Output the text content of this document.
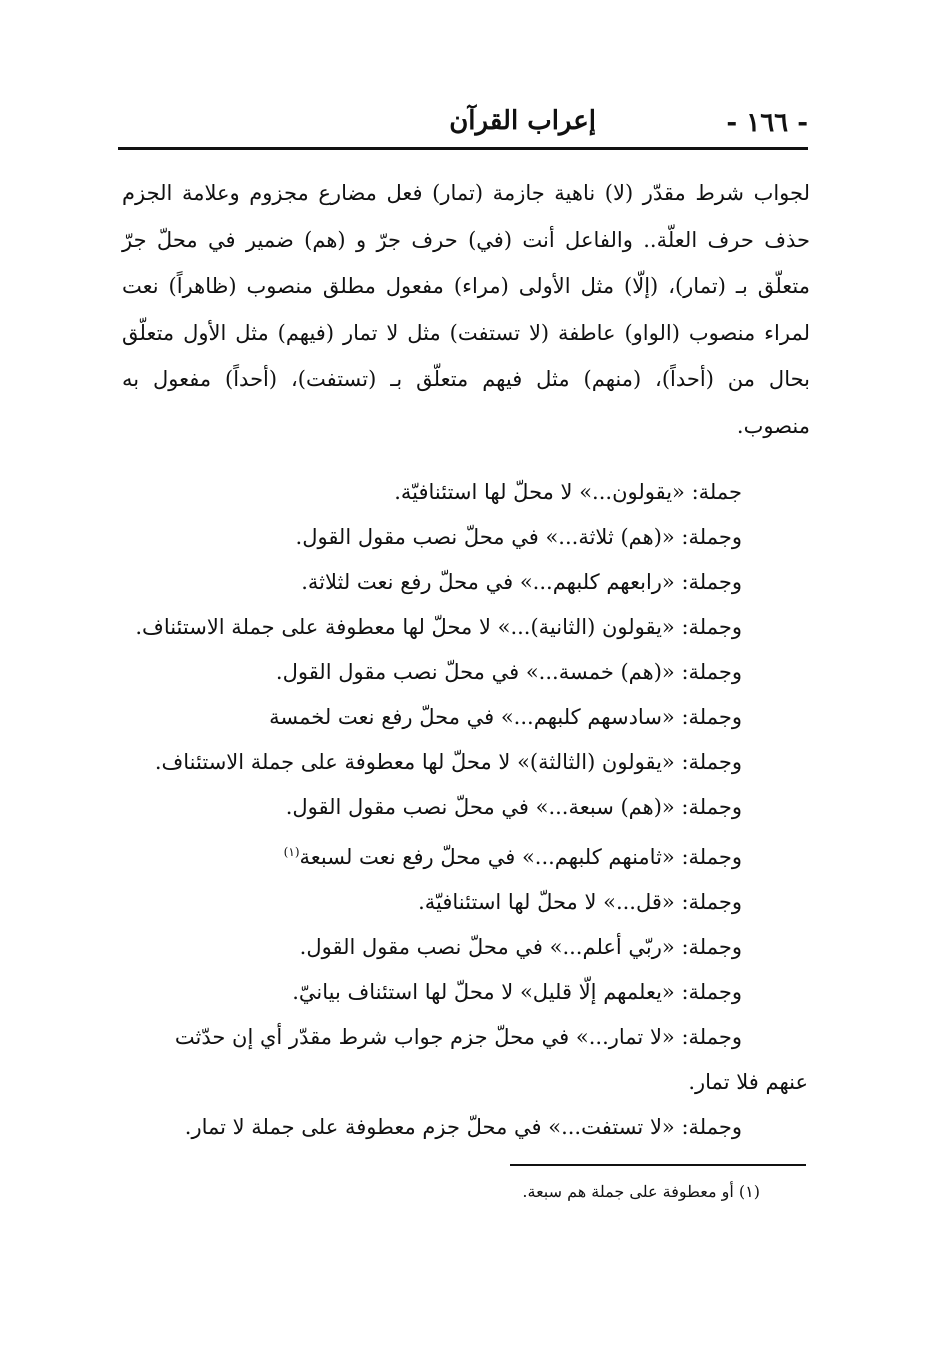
- ١٦٦ -
إعراب القرآن

لجواب شرط مقدّر (لا) ناهية جازمة (تمار) فعل مضارع مجزوم وعلامة الجزم حذف حرف العلّة.. والفاعل أنت (في) حرف جرّ و (هم) ضمير في محلّ جرّ متعلّق بـ (تمار)، (إلّا) مثل الأولى (مراء) مفعول مطلق منصوب (ظاهراً) نعت لمراء منصوب (الواو) عاطفة (لا تستفت) مثل لا تمار (فيهم) مثل الأول متعلّق بحال من (أحداً)، (منهم) مثل فيهم متعلّق بـ (تستفت)، (أحداً) مفعول به منصوب.

جملة: «يقولون...» لا محلّ لها استئنافيّة.
وجملة: «(هم) ثلاثة...» في محلّ نصب مقول القول.
وجملة: «رابعهم كلبهم...» في محلّ رفع نعت لثلاثة.
وجملة: «يقولون (الثانية)...» لا محلّ لها معطوفة على جملة الاستئناف.
وجملة: «(هم) خمسة...» في محلّ نصب مقول القول.
وجملة: «سادسهم كلبهم...» في محلّ رفع نعت لخمسة
وجملة: «يقولون (الثالثة)» لا محلّ لها معطوفة على جملة الاستئناف.
وجملة: «(هم) سبعة...» في محلّ نصب مقول القول.
وجملة: «ثامنهم كلبهم...» في محلّ رفع نعت لسبعة$^{(١)}$
وجملة: «قل...» لا محلّ لها استئنافيّة.
وجملة: «ربّي أعلم...» في محلّ نصب مقول القول.
وجملة: «يعلمهم إلّا قليل» لا محلّ لها استئناف بيانيّ.
وجملة: «لا تمار...» في محلّ جزم جواب شرط مقدّر أي إن حدّثت
عنهم فلا تمار.
وجملة: «لا تستفت...» في محلّ جزم معطوفة على جملة لا تمار.
(١) أو معطوفة على جملة هم سبعة.
